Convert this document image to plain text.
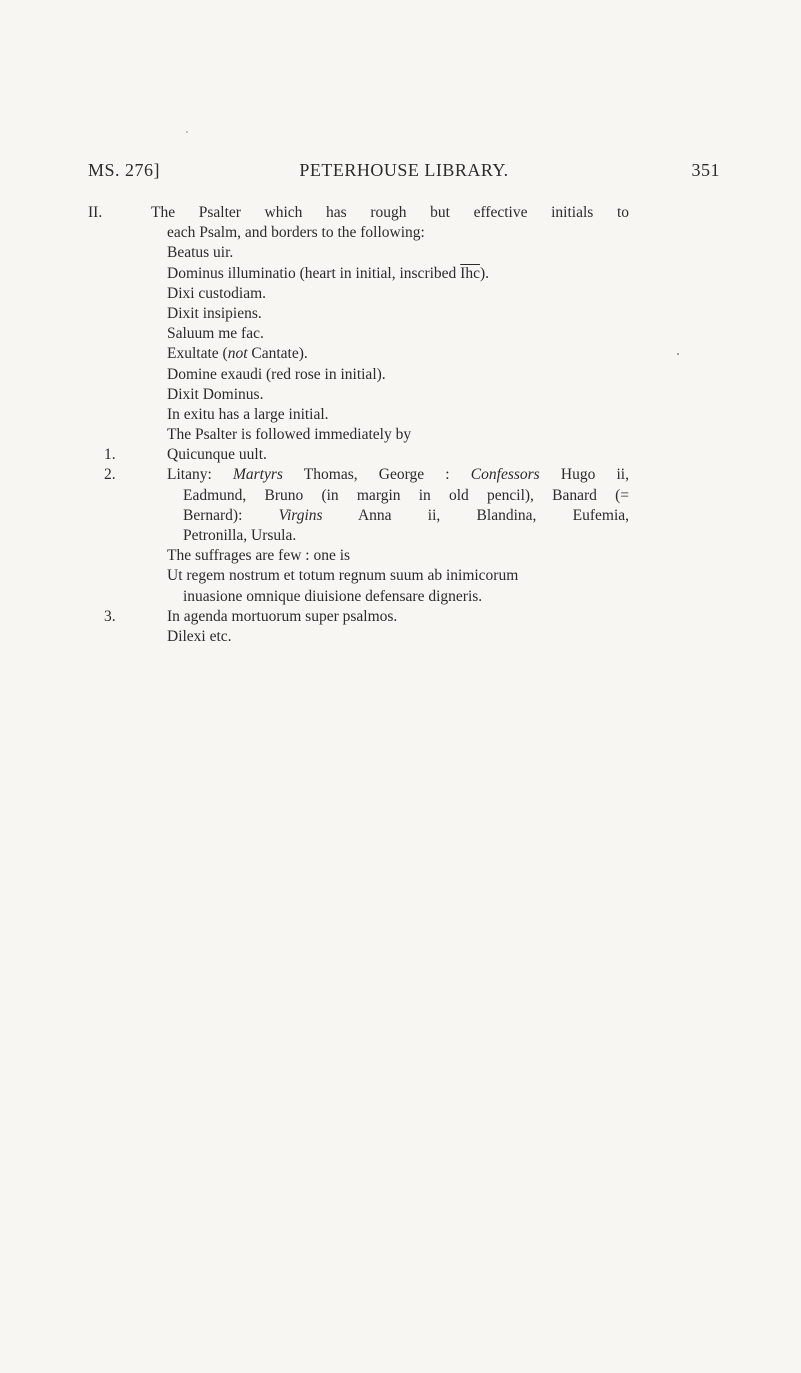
MS. 276]	PETERHOUSE LIBRARY.	351
II.	The Psalter which has rough but effective initials to
each Psalm, and borders to the following:
Beatus uir.
Dominus illuminatio (heart in initial, inscribed $\overline{Ihc}$).
Dixi custodiam.
Dixit insipiens.
Saluum me fac.
Exultate (not Cantate).
Domine exaudi (red rose in initial).
Dixit Dominus.
In exitu has a large initial.
The Psalter is followed immediately by
1.	Quicunque uult.
2.	Litany: Martyrs Thomas, George : Confessors Hugo ii,
Eadmund, Bruno (in margin in old pencil), Banard (=
Bernard): Virgins Anna ii, Blandina, Eufemia,
Petronilla, Ursula.
The suffrages are few : one is
Ut regem nostrum et totum regnum suum ab inimicorum
inuasione omnique diuisione defensare digneris.
3.	In agenda mortuorum super psalmos.
Dilexi etc.
